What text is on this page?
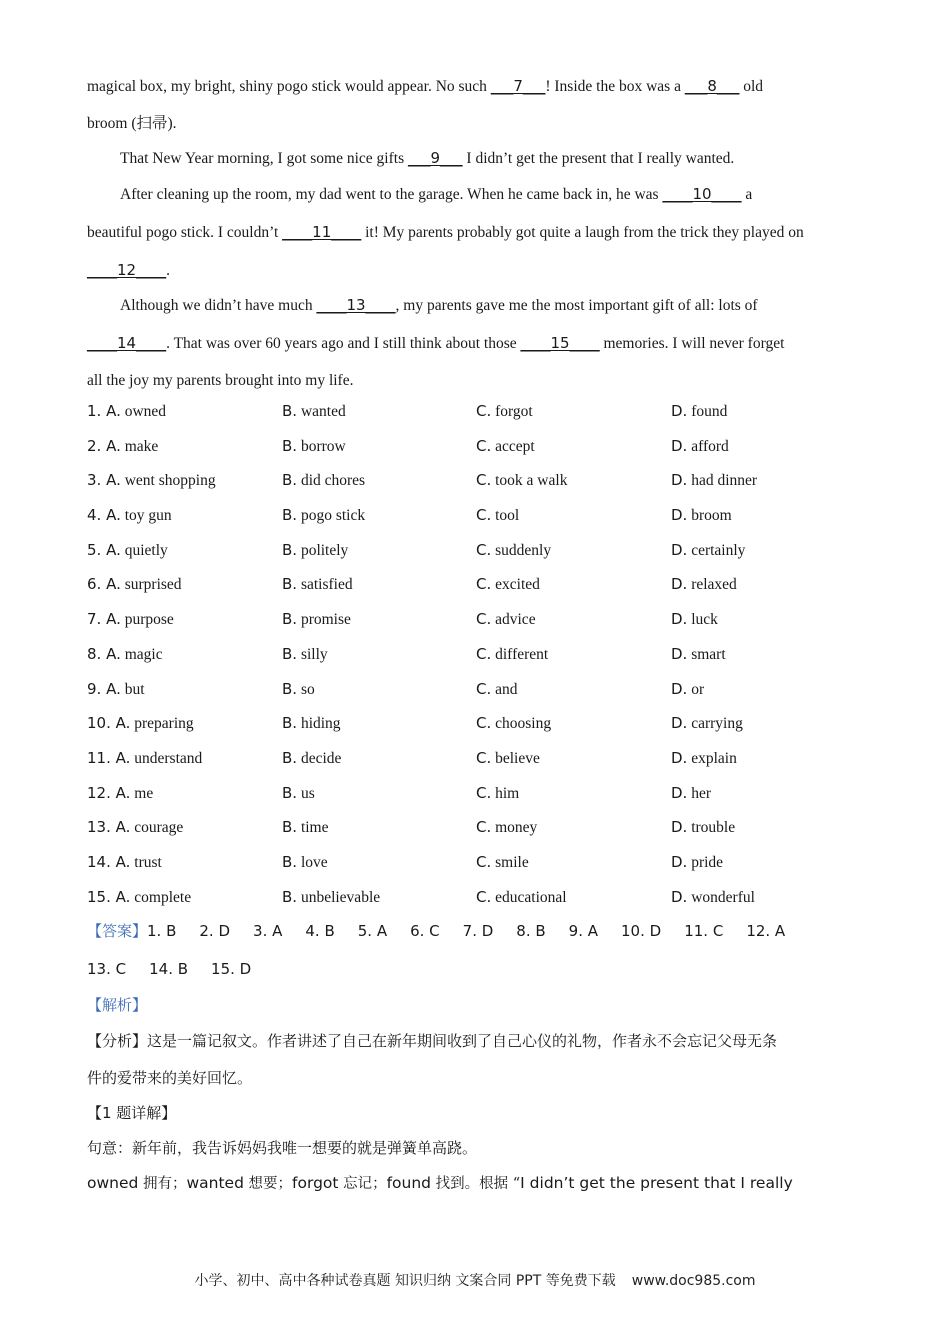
magical box, my bright, shiny pogo stick would appear. No such ___7___! Inside the box was a ___8___ old
broom (扫帚).
That New Year morning, I got some nice gifts ___9___ I didn’t get the present that I really wanted.
After cleaning up the room, my dad went to the garage. When he came back in, he was ____10____ a
beautiful pogo stick. I couldn’t ____11____ it! My parents probably got quite a laugh from the trick they played on
____12____.
Although we didn’t have much ____13____, my parents gave me the most important gift of all: lots of
____14____. That was over 60 years ago and I still think about those ____15____ memories. I will never forget
all the joy my parents brought into my life.
1. A. owned	B. wanted	C. forgot	D. found
2. A. make	B. borrow	C. accept	D. afford
3. A. went shopping	B. did chores	C. took a walk	D. had dinner
4. A. toy gun	B. pogo stick	C. tool	D. broom
5. A. quietly	B. politely	C. suddenly	D. certainly
6. A. surprised	B. satisfied	C. excited	D. relaxed
7. A. purpose	B. promise	C. advice	D. luck
8. A. magic	B. silly	C. different	D. smart
9. A. but	B. so	C. and	D. or
10. A. preparing	B. hiding	C. choosing	D. carrying
11. A. understand	B. decide	C. believe	D. explain
12. A. me	B. us	C. him	D. her
13. A. courage	B. time	C. money	D. trouble
14. A. trust	B. love	C. smile	D. pride
15. A. complete	B. unbelievable	C. educational	D. wonderful
【答案】1. B 2. D 3. A 4. B 5. A 6. C 7. D 8. B 9. A 10. D 11. C 12. A
13. C 14. B 15. D
【解析】
【分析】这是一篇记叙文。作者讲述了自己在新年期间收到了自己心仪的礼物，作者永不会忘记父母无条
件的爱带来的美好回忆。
【1 题详解】
句意：新年前，我告诉妈妈我唯一想要的就是弹簧单高跷。
owned 拥有；wanted 想要；forgot 忘记；found 找到。根据 “I didn’t get the present that I really
小学、初中、高中各种试卷真题 知识归纳 文案合同 PPT 等免费下载 www.doc985.com
